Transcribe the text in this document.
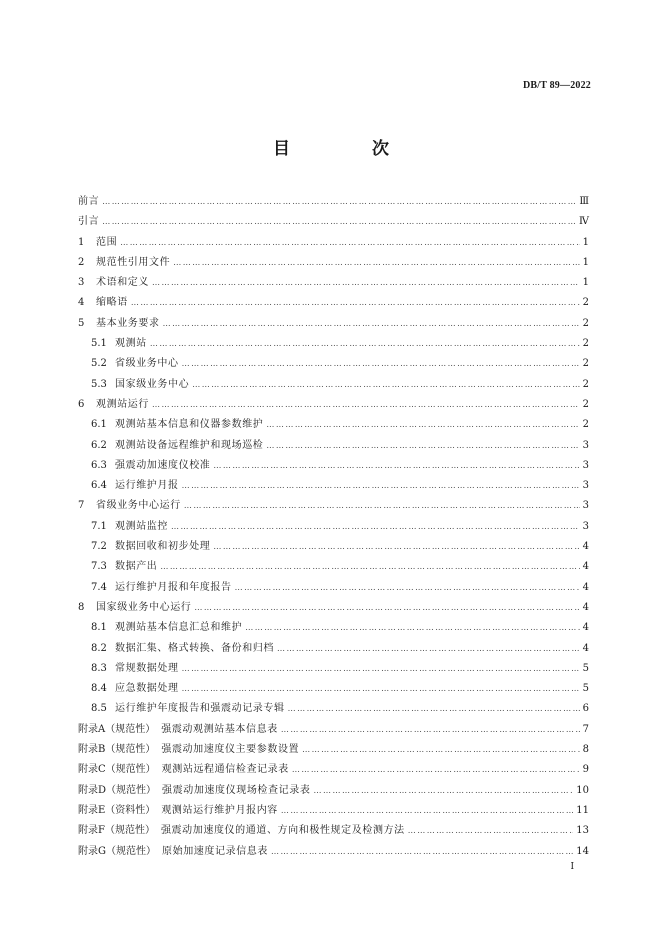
DB/T 89—2022
目 次
前言 ……………………………………………………………………………………………………………………………………………………………………………………………………………………	Ⅲ
引言 ……………………………………………………………………………………………………………………………………………………………………………………………………………………	Ⅳ
1	范围 ……………………………………………………………………………………………………………………………………………………………………………………………………………………	1
2	规范性引用文件 ……………………………………………………………………………………………………………………………………………………………………………………………………………………	1
3	术语和定义 ……………………………………………………………………………………………………………………………………………………………………………………………………………………	1
4	缩略语 ……………………………………………………………………………………………………………………………………………………………………………………………………………………	2
5	基本业务要求 ……………………………………………………………………………………………………………………………………………………………………………………………………………………	2
5.1 观测站 ……………………………………………………………………………………………………………………………………………………………………………………………………………………	2
5.2 省级业务中心 ……………………………………………………………………………………………………………………………………………………………………………………………………………………	2
5.3 国家级业务中心 ……………………………………………………………………………………………………………………………………………………………………………………………………………………	2
6	观测站运行 ……………………………………………………………………………………………………………………………………………………………………………………………………………………	2
6.1 观测站基本信息和仪器参数维护 ……………………………………………………………………………………………………………………………………………………………………………………………………………………	2
6.2 观测站设备远程维护和现场巡检 ……………………………………………………………………………………………………………………………………………………………………………………………………………………	3
6.3 强震动加速度仪校准 ……………………………………………………………………………………………………………………………………………………………………………………………………………………	3
6.4 运行维护月报 ……………………………………………………………………………………………………………………………………………………………………………………………………………………	3
7	省级业务中心运行 ……………………………………………………………………………………………………………………………………………………………………………………………………………………	3
7.1 观测站监控 ……………………………………………………………………………………………………………………………………………………………………………………………………………………	3
7.2 数据回收和初步处理 ……………………………………………………………………………………………………………………………………………………………………………………………………………………	4
7.3 数据产出 ……………………………………………………………………………………………………………………………………………………………………………………………………………………	4
7.4 运行维护月报和年度报告 ……………………………………………………………………………………………………………………………………………………………………………………………………………………	4
8	国家级业务中心运行 ……………………………………………………………………………………………………………………………………………………………………………………………………………………	4
8.1 观测站基本信息汇总和维护 ……………………………………………………………………………………………………………………………………………………………………………………………………………………	4
8.2 数据汇集、格式转换、备份和归档 ……………………………………………………………………………………………………………………………………………………………………………………………………………………	4
8.3 常规数据处理 ……………………………………………………………………………………………………………………………………………………………………………………………………………………	5
8.4 应急数据处理 ……………………………………………………………………………………………………………………………………………………………………………………………………………………	5
8.5 运行维护年度报告和强震动记录专辑 ……………………………………………………………………………………………………………………………………………………………………………………………………………………	6
附录A（规范性） 强震动观测站基本信息表 ……………………………………………………………………………………………………………………………………………………………………………………………………………………	7
附录B（规范性） 强震动加速度仪主要参数设置 ……………………………………………………………………………………………………………………………………………………………………………………………………………………	8
附录C（规范性） 观测站远程通信检查记录表 ……………………………………………………………………………………………………………………………………………………………………………………………………………………	9
附录D（规范性） 强震动加速度仪现场检查记录表 ……………………………………………………………………………………………………………………………………………………………………………………………………………………	10
附录E（资料性） 观测站运行维护月报内容 ……………………………………………………………………………………………………………………………………………………………………………………………………………………	11
附录F（规范性） 强震动加速度仪的通道、方向和极性规定及检测方法 ……………………………………………………………………………………………………………………………………………………………………………………………………………………	13
附录G（规范性） 原始加速度记录信息表 ……………………………………………………………………………………………………………………………………………………………………………………………………………………	14
I
